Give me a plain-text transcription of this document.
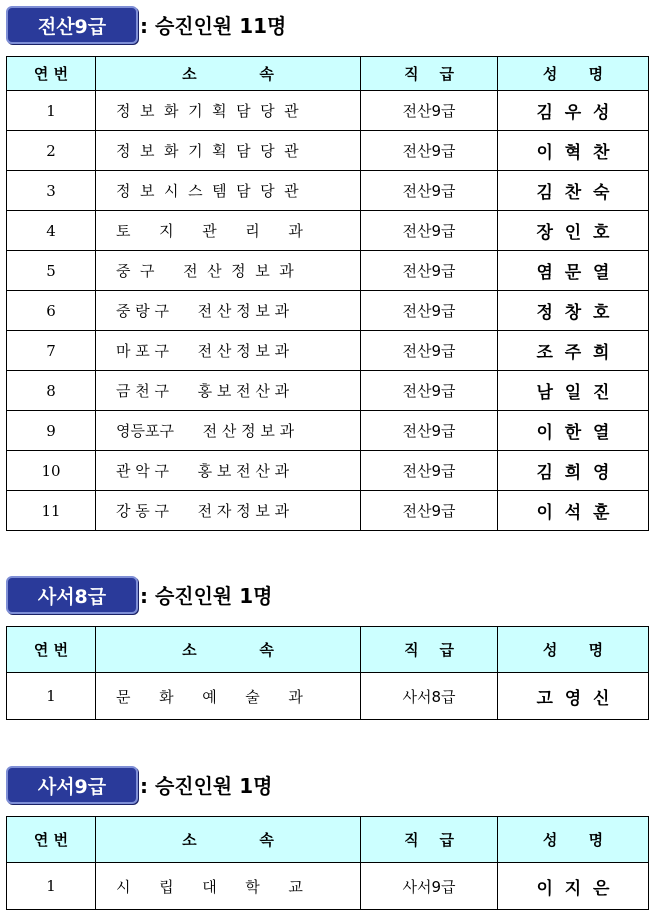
전산9급	: 승진인원 11명
연 번	소            속	직    급	성      명
1	정  보  화  기  획  담  당  관	전산9급	김  우  성
2	정  보  화  기  획  담  당  관	전산9급	이  혁  찬
3	정  보  시  스  템  담  당  관	전산9급	김  찬  숙
4	토      지      관      리      과	전산9급	장  인  호
5	중  구      전  산  정  보  과	전산9급	염  문  열
6	중 랑 구      전 산 정 보 과	전산9급	정  창  호
7	마 포 구      전 산 정 보 과	전산9급	조  주  희
8	금 천 구      홍 보 전 산 과	전산9급	남  일  진
9	영등포구      전 산 정 보 과	전산9급	이  한  열
10	관 악 구      홍 보 전 산 과	전산9급	김  희  영
11	강 동 구      전 자 정 보 과	전산9급	이  석  훈
사서8급	: 승진인원 1명
연 번	소            속	직    급	성      명
1	문      화      예      술      과	사서8급	고  영  신
사서9급	: 승진인원 1명
연 번	소            속	직    급	성      명
1	시      립      대      학      교	사서9급	이  지  은
